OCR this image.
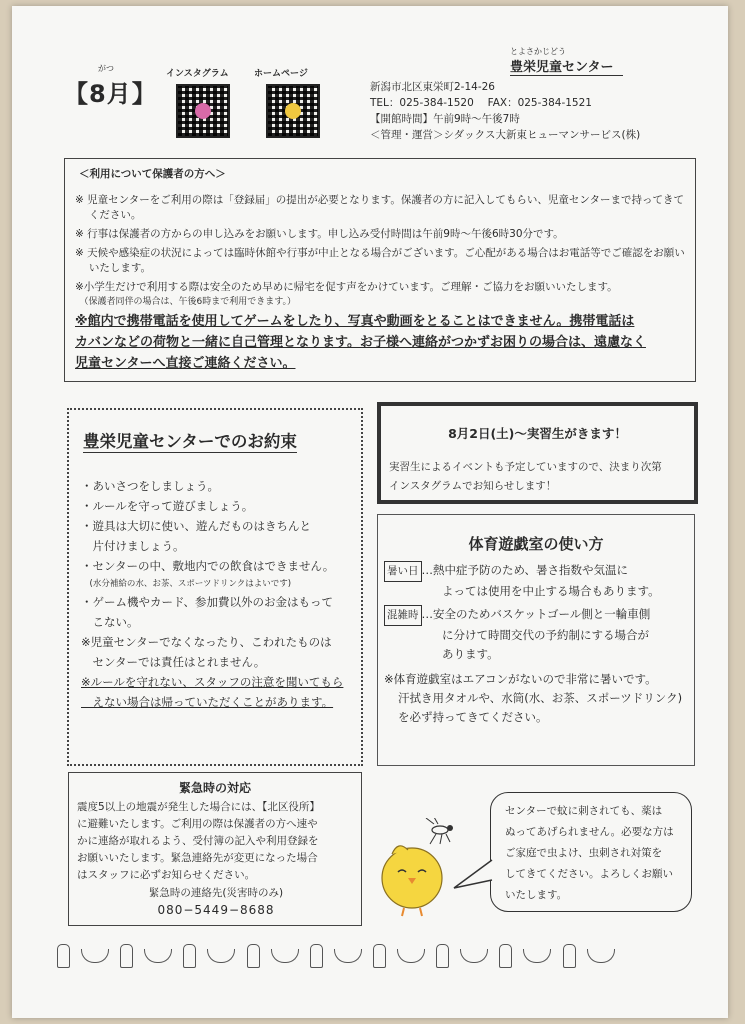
がつ
【8月】
インスタグラム	ホームページ
とよさかじどう
豊栄児童センター
新潟市北区東栄町2-14-26
TEL：025-384-1520　 FAX：025-384-1521
【開館時間】午前9時〜午後7時
＜管理・運営＞シダックス大新東ヒューマンサービス(株)
＜利用について保護者の方へ＞
※ 児童センターをご利用の際は「登録届」の提出が必要となります。保護者の方に記入してもらい、児童センターまで持ってきて
　 ください。
※ 行事は保護者の方からの申し込みをお願いします。申し込み受付時間は午前9時〜午後6時30分です。
※ 天候や感染症の状況によっては臨時休館や行事が中止となる場合がございます。ご心配がある場合はお電話等でご確認をお願い
　 いたします。
※小学生だけで利用する際は安全のため早めに帰宅を促す声をかけています。ご理解・ご協力をお願いいたします。
　（保護者同伴の場合は、午後6時まで利用できます。）
※館内で携帯電話を使用してゲームをしたり、写真や動画をとることはできません。携帯電話は
カバンなどの荷物と一緒に自己管理となります。お子様へ連絡がつかずお困りの場合は、遠慮なく
児童センターへ直接ご連絡ください。
豊栄児童センターでのお約束
・あいさつをしましょう。
・ルールを守って遊びましょう。
・遊具は大切に使い、遊んだものはきちんと
　片付けましょう。
・センターの中、敷地内での飲食はできません。
　(水分補給の水、お茶、スポーツドリンクはよいです)
・ゲーム機やカード、参加費以外のお金はもって
　こない。
※児童センターでなくなったり、こわれたものは
　センターでは責任はとれません。
※ルールを守れない、スタッフの注意を聞いてもら
　えない場合は帰っていただくことがあります。
8月2日(土)〜実習生がきます！
実習生によるイベントも予定していますので、決まり次第
インスタグラムでお知らせします！
体育遊戯室の使い方
暑い日 …熱中症予防のため、暑さ指数や気温に
よっては使用を中止する場合もあります。
混雑時 …安全のためバスケットゴール側と一輪車側
に分けて時間交代の予約制にする場合が
あります。
※体育遊戯室はエアコンがないので非常に暑いです。
汗拭き用タオルや、水筒(水、お茶、スポーツドリンク)
を必ず持ってきてください。
緊急時の対応
震度5以上の地震が発生した場合には、【北区役所】
に避難いたします。ご利用の際は保護者の方へ速や
かに連絡が取れるよう、受付簿の記入や利用登録を
お願いいたします。緊急連絡先が変更になった場合
はスタッフに必ずお知らせください。
緊急時の連絡先(災害時のみ)
080−5449−8688
センターで蚊に刺されても、薬は
ぬってあげられません。必要な方は
ご家庭で虫よけ、虫刺され対策を
してきてください。よろしくお願い
いたします。
